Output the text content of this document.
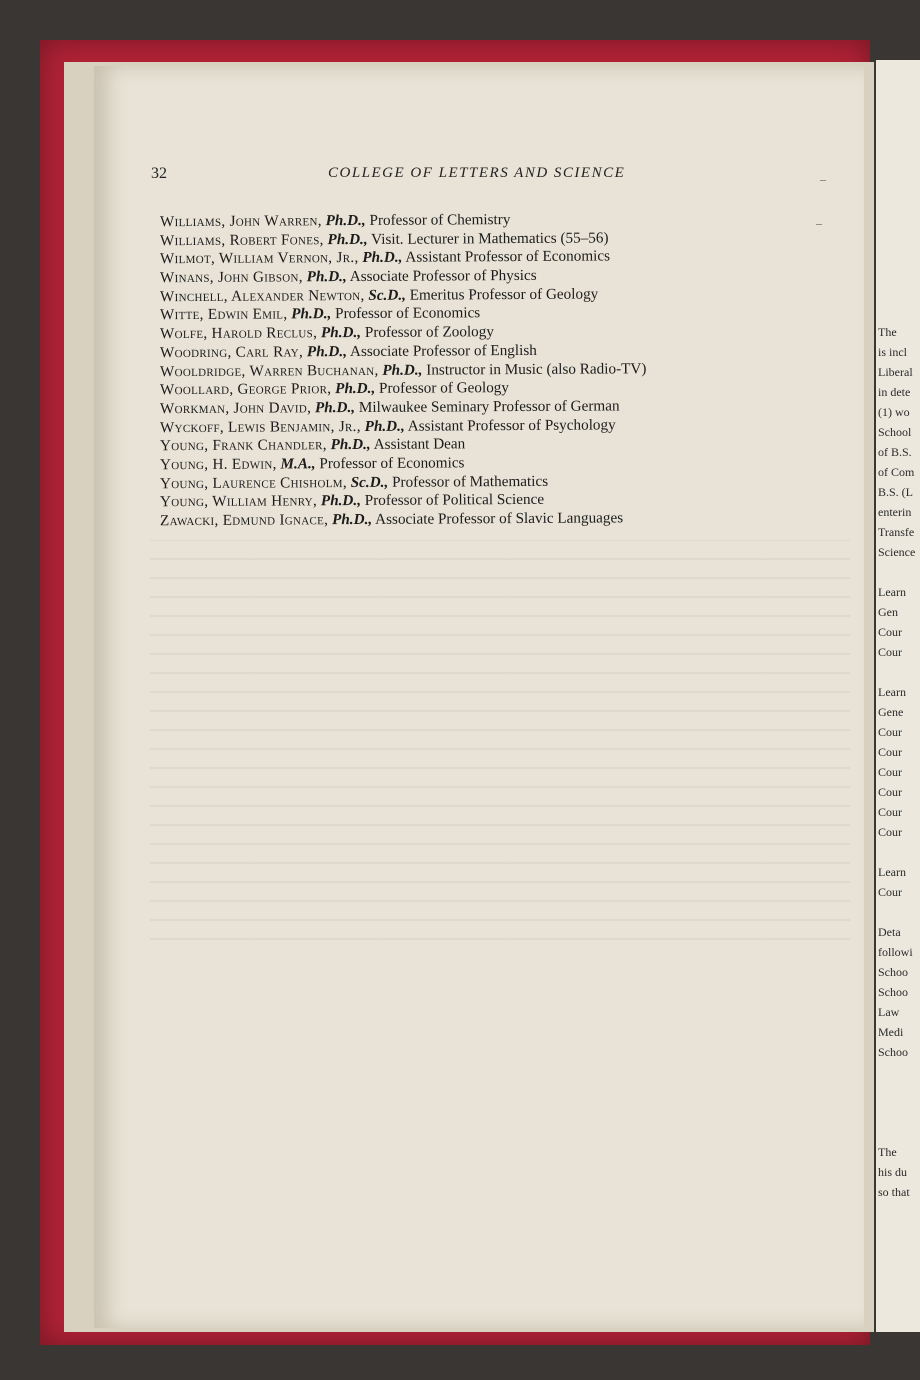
The
is incl
Liberal
in dete
(1) wo
School
of B.S.
of Com
B.S. (L
enterin
Transfe
Science
Learn
Gen
Cour
Cour
Learn
Gene
Cour
Cour
Cour
Cour
Cour
Cour
Learn
Cour
Deta
followi
Schoo
Schoo
Law
Medi
Schoo
The
his du
so that
32	COLLEGE OF LETTERS AND SCIENCE	–
–
Williams, John Warren, Ph.D., Professor of Chemistry
Williams, Robert Fones, Ph.D., Visit. Lecturer in Mathematics (55–56)
Wilmot, William Vernon, Jr., Ph.D., Assistant Professor of Economics
Winans, John Gibson, Ph.D., Associate Professor of Physics
Winchell, Alexander Newton, Sc.D., Emeritus Professor of Geology
Witte, Edwin Emil, Ph.D., Professor of Economics
Wolfe, Harold Reclus, Ph.D., Professor of Zoology
Woodring, Carl Ray, Ph.D., Associate Professor of English
Wooldridge, Warren Buchanan, Ph.D., Instructor in Music (also Radio-TV)
Woollard, George Prior, Ph.D., Professor of Geology
Workman, John David, Ph.D., Milwaukee Seminary Professor of German
Wyckoff, Lewis Benjamin, Jr., Ph.D., Assistant Professor of Psychology
Young, Frank Chandler, Ph.D., Assistant Dean
Young, H. Edwin, M.A., Professor of Economics
Young, Laurence Chisholm, Sc.D., Professor of Mathematics
Young, William Henry, Ph.D., Professor of Political Science
Zawacki, Edmund Ignace, Ph.D., Associate Professor of Slavic Languages
